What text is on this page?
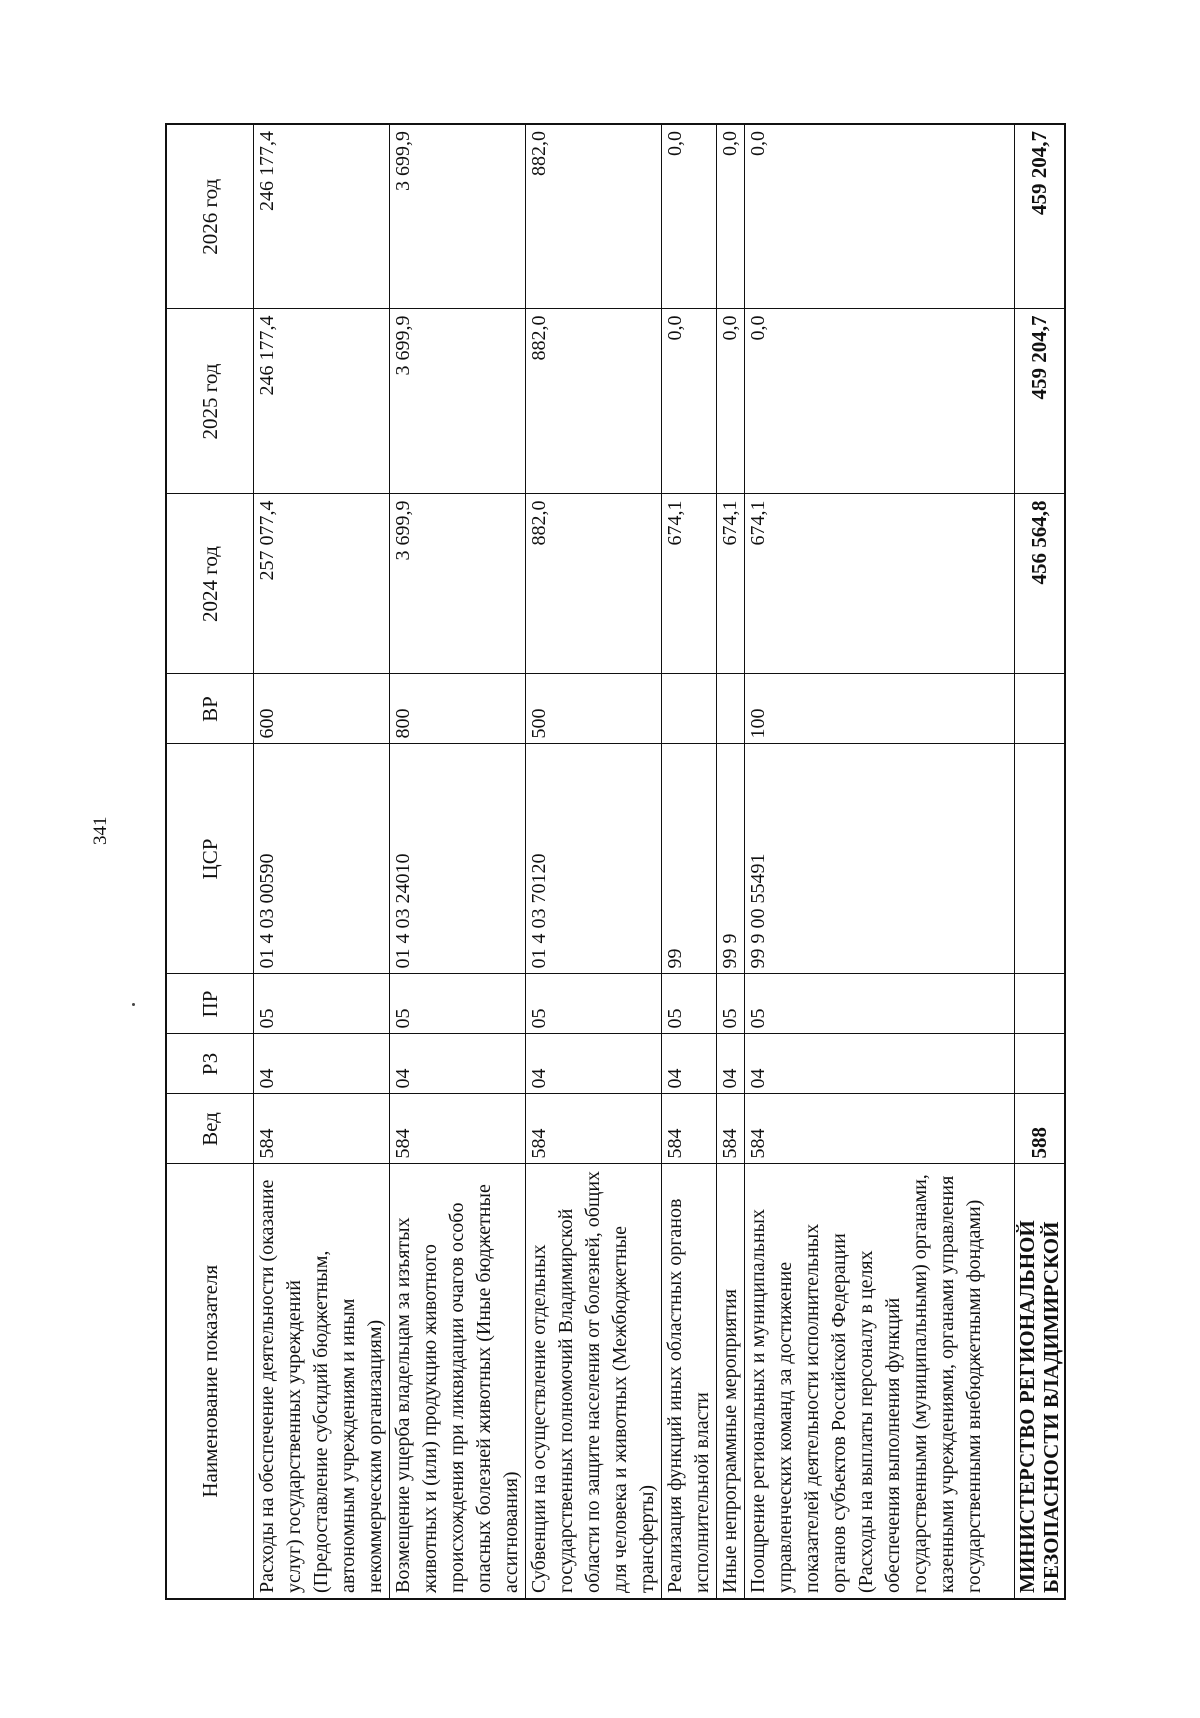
341
Наименование показателя	Вед	РЗ	ПР	ЦСР	ВР	2024 год	2025 год	2026 год
Расходы на обеспечение деятельности (оказание услуг) государственных учреждений (Предоставление субсидий бюджетным, автономным учреждениям и иным некоммерческим организациям)	584	04	05	01 4 03 00590	600	257 077,4	246 177,4	246 177,4
Возмещение ущерба владельцам за изъятых животных и (или) продукцию животного происхождения при ликвидации очагов особо опасных болезней животных (Иные бюджетные ассигнования)	584	04	05	01 4 03 24010	800	3 699,9	3 699,9	3 699,9
Субвенции на осуществление отдельных государственных полномочий Владимирской области по защите населения от болезней, общих для человека и животных (Межбюджетные трансферты)	584	04	05	01 4 03 70120	500	882,0	882,0	882,0
Реализация функций иных областных органов исполнительной власти	584	04	05	99		674,1	0,0	0,0
Иные непрограммные мероприятия	584	04	05	99 9		674,1	0,0	0,0
Поощрение региональных и муниципальных управленческих команд за достижение показателей деятельности исполнительных органов субъектов Российской Федерации (Расходы на выплаты персоналу в целях обеспечения выполнения функций государственными (муниципальными) органами, казенными учреждениями, органами управления государственными внебюджетными фондами)	584	04	05	99 9 00 55491	100	674,1	0,0	0,0
МИНИСТЕРСТВО РЕГИОНАЛЬНОЙ БЕЗОПАСНОСТИ ВЛАДИМИРСКОЙ	588					456 564,8	459 204,7	459 204,7
